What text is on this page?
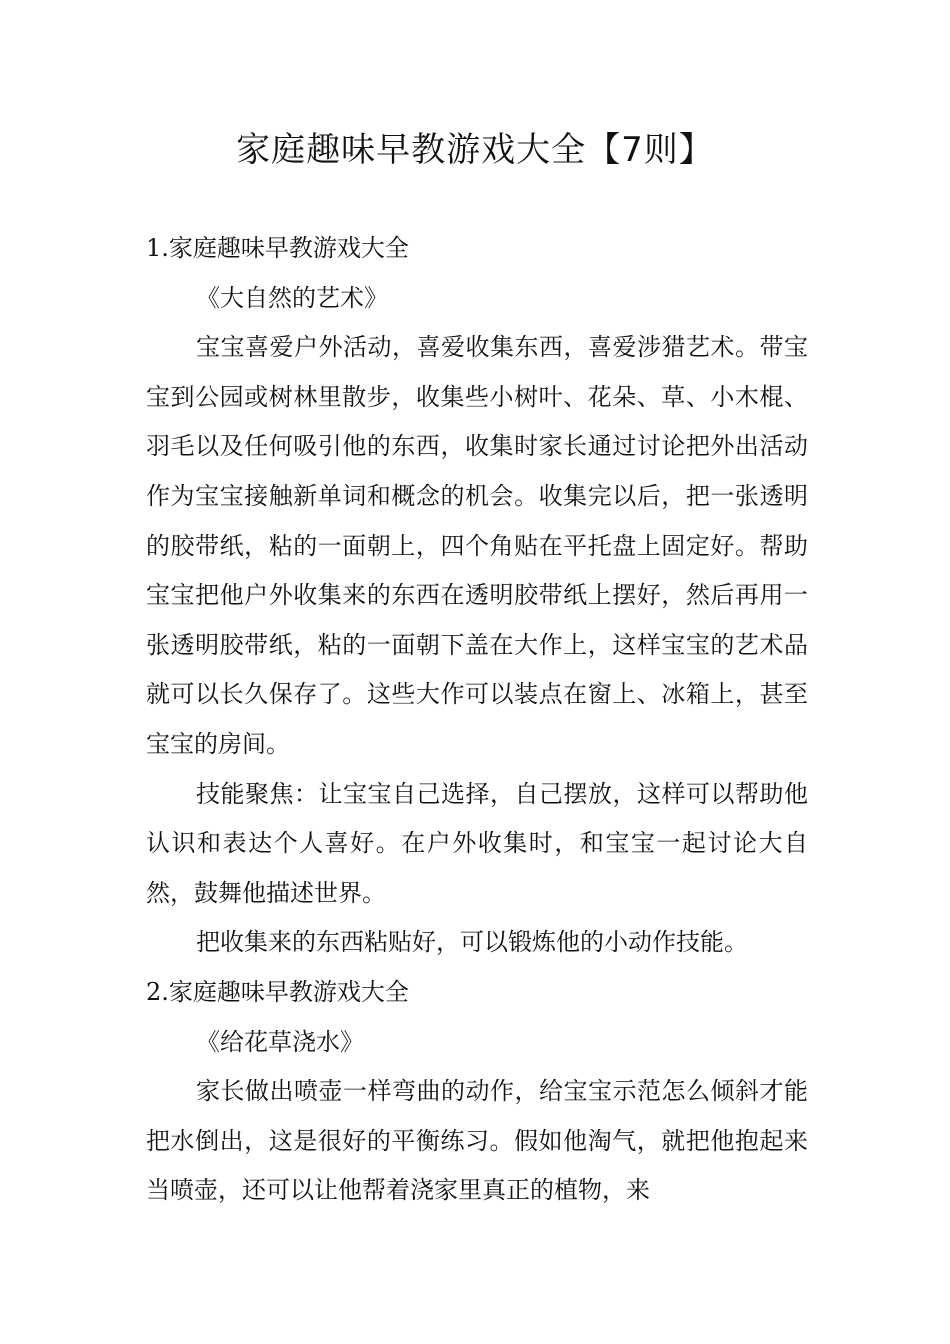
家庭趣味早教游戏大全【7则】

1.家庭趣味早教游戏大全

《大自然的艺术》

宝宝喜爱户外活动，喜爱收集东西，喜爱涉猎艺术。带宝宝到公园或树林里散步，收集些小树叶、花朵、草、小木棍、羽毛以及任何吸引他的东西，收集时家长通过讨论把外出活动作为宝宝接触新单词和概念的机会。收集完以后，把一张透明的胶带纸，粘的一面朝上，四个角贴在平托盘上固定好。帮助宝宝把他户外收集来的东西在透明胶带纸上摆好，然后再用一张透明胶带纸，粘的一面朝下盖在大作上，这样宝宝的艺术品就可以长久保存了。这些大作可以装点在窗上、冰箱上，甚至宝宝的房间。

技能聚焦：让宝宝自己选择，自己摆放，这样可以帮助他认识和表达个人喜好。在户外收集时，和宝宝一起讨论大自然，鼓舞他描述世界。

把收集来的东西粘贴好，可以锻炼他的小动作技能。

2.家庭趣味早教游戏大全

《给花草浇水》

家长做出喷壶一样弯曲的动作，给宝宝示范怎么倾斜才能把水倒出，这是很好的平衡练习。假如他淘气，就把他抱起来当喷壶，还可以让他帮着浇家里真正的植物，来
